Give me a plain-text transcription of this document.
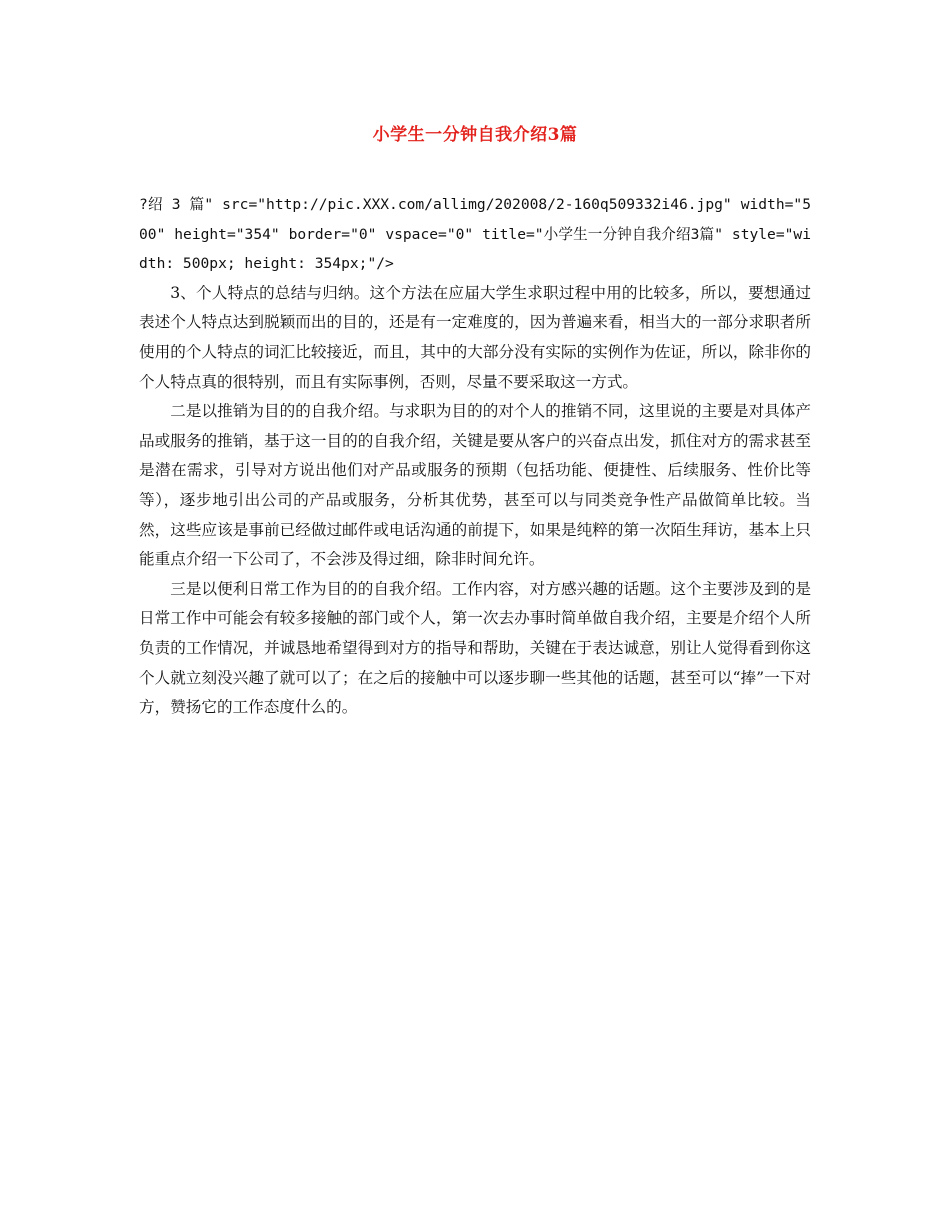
小学生一分钟自我介绍3篇

?绍 3 篇" src="http://pic.XXX.com/allimg/202008/2-160q509332i46.jpg" width="500" height="354" border="0" vspace="0" title="小学生一分钟自我介绍3篇" style="width: 500px; height: 354px;"/>

3、个人特点的总结与归纳。这个方法在应届大学生求职过程中用的比较多，所以，要想通过表述个人特点达到脱颖而出的目的，还是有一定难度的，因为普遍来看，相当大的一部分求职者所使用的个人特点的词汇比较接近，而且，其中的大部分没有实际的实例作为佐证，所以，除非你的个人特点真的很特别，而且有实际事例，否则，尽量不要采取这一方式。

二是以推销为目的的自我介绍。与求职为目的的对个人的推销不同，这里说的主要是对具体产品或服务的推销，基于这一目的的自我介绍，关键是要从客户的兴奋点出发，抓住对方的需求甚至是潜在需求，引导对方说出他们对产品或服务的预期（包括功能、便捷性、后续服务、性价比等等），逐步地引出公司的产品或服务，分析其优势，甚至可以与同类竞争性产品做简单比较。当然，这些应该是事前已经做过邮件或电话沟通的前提下，如果是纯粹的第一次陌生拜访，基本上只能重点介绍一下公司了，不会涉及得过细，除非时间允许。

三是以便利日常工作为目的的自我介绍。工作内容，对方感兴趣的话题。这个主要涉及到的是日常工作中可能会有较多接触的部门或个人，第一次去办事时简单做自我介绍，主要是介绍个人所负责的工作情况，并诚恳地希望得到对方的指导和帮助，关键在于表达诚意，别让人觉得看到你这个人就立刻没兴趣了就可以了；在之后的接触中可以逐步聊一些其他的话题，甚至可以“捧”一下对方，赞扬它的工作态度什么的。
